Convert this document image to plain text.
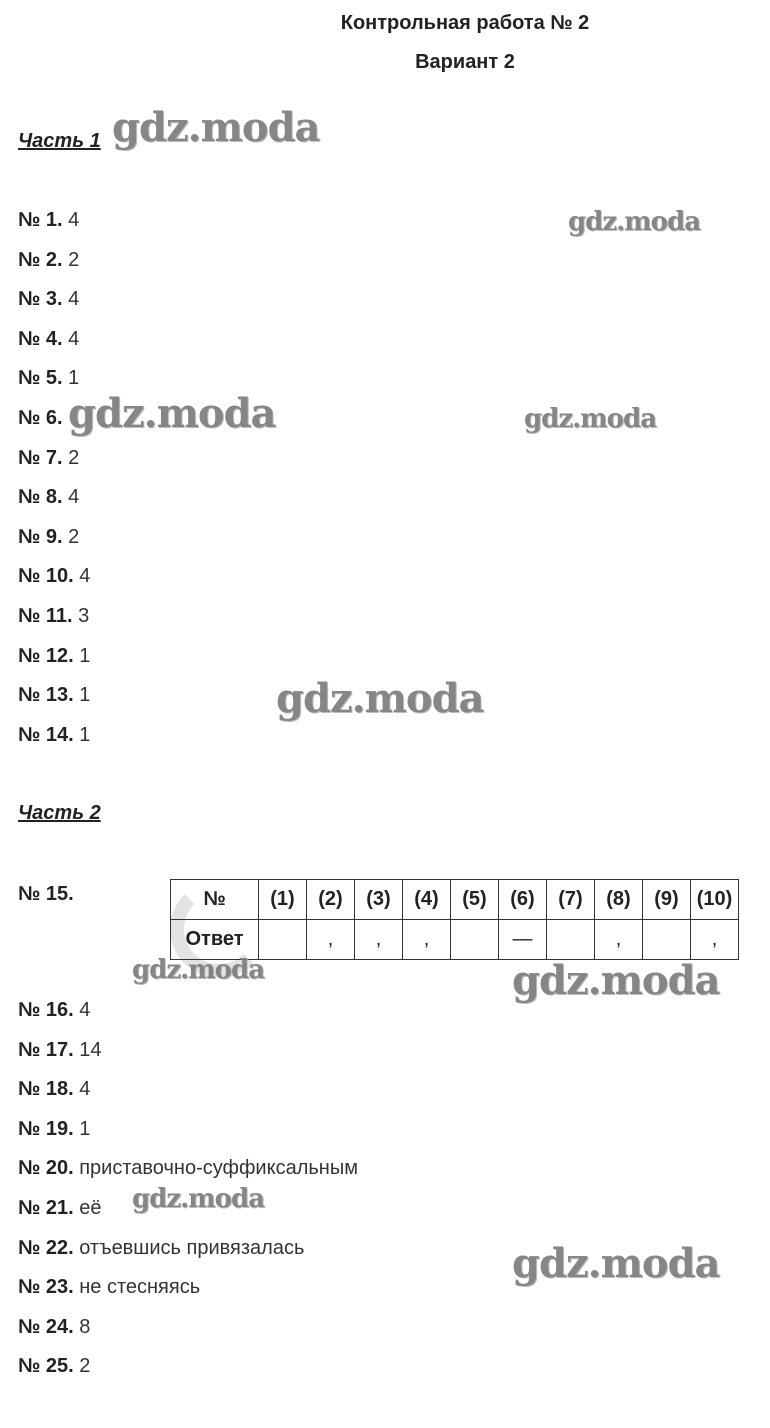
Контрольная работа № 2
Вариант 2
Часть 1
№ 1. 4
№ 2. 2
№ 3. 4
№ 4. 4
№ 5. 1
№ 6.
№ 7. 2
№ 8. 4
№ 9. 2
№ 10. 4
№ 11. 3
№ 12. 1
№ 13. 1
№ 14. 1
Часть 2
№ 15.	№	(1)	(2)	(3)	(4)	(5)	(6)	(7)	(8)	(9)	(10)
Ответ		,	,	,		—		,		,
№ 16. 4
№ 17. 14
№ 18. 4
№ 19. 1
№ 20. приставочно-суффиксальным
№ 21. её
№ 22. отъевшись привязалась
№ 23. не стесняясь
№ 24. 8
№ 25. 2
gdz.moda
gdz.moda
gdz.moda	gdz.moda
gdz.moda
gdz.moda	gdz.moda
gdz.moda
gdz.moda
